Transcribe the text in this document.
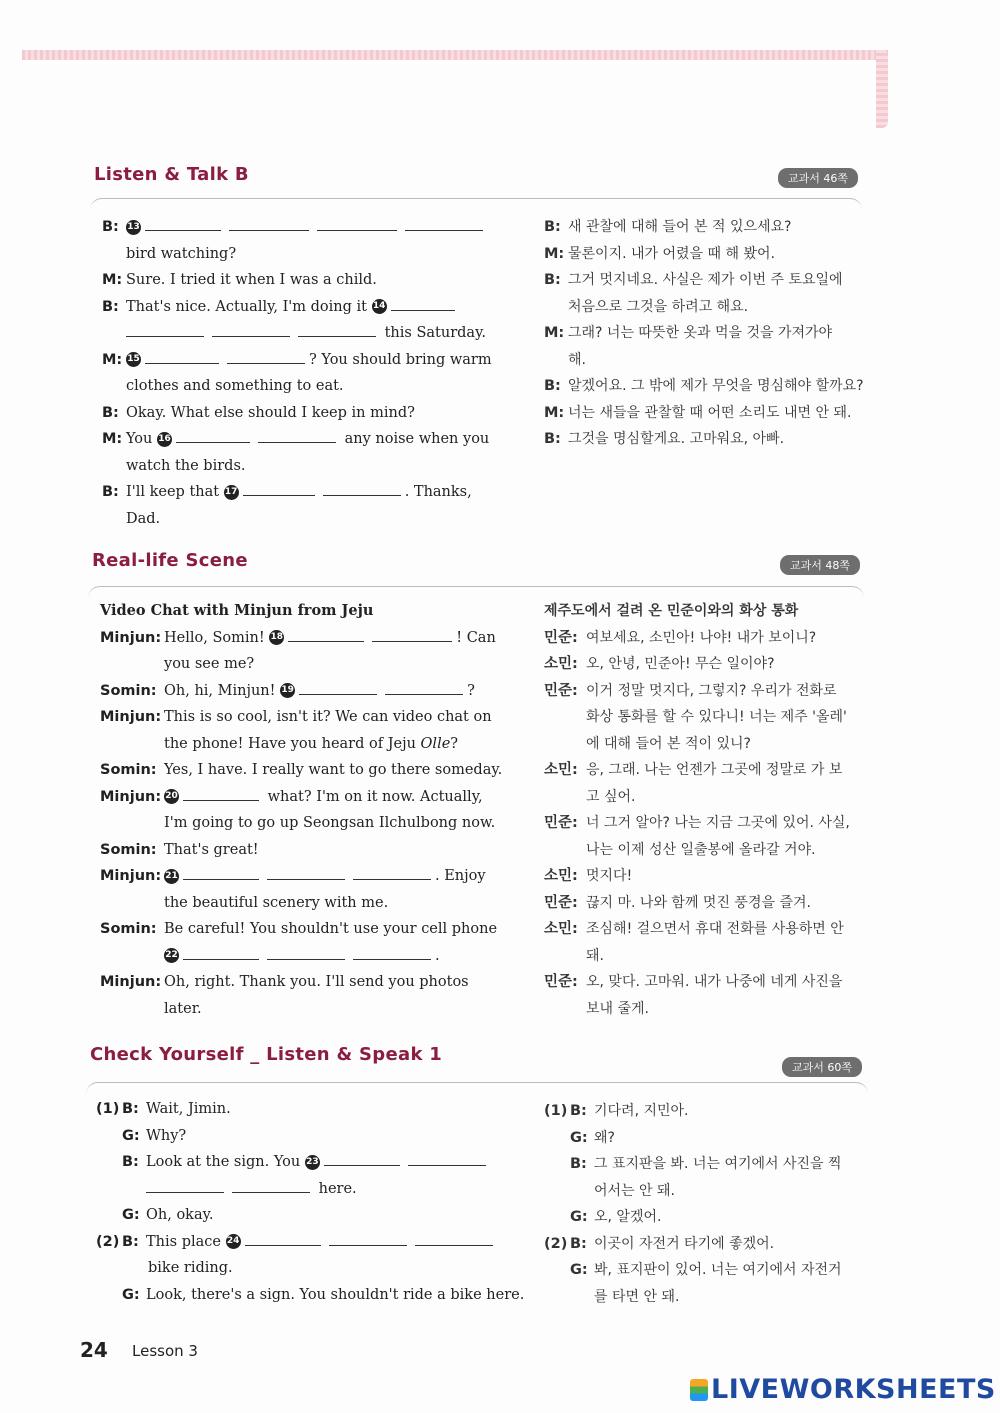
Listen & Talk B	교과서 46쪽
B: 13
bird watching?
M: Sure. I tried it when I was a child.
B: That's nice. Actually, I'm doing it 14
this Saturday.
M: 15	? You should bring warm
clothes and something to eat.
B: Okay. What else should I keep in mind?
M: You 16	any noise when you
watch the birds.
B: I'll keep that 17	. Thanks,
Dad.
B: 새 관찰에 대해 들어 본 적 있으세요?
M: 물론이지. 내가 어렸을 때 해 봤어.
B: 그거 멋지네요. 사실은 제가 이번 주 토요일에
처음으로 그것을 하려고 해요.
M: 그래? 너는 따뜻한 옷과 먹을 것을 가져가야
해.
B: 알겠어요. 그 밖에 제가 무엇을 명심해야 할까요?
M: 너는 새들을 관찰할 때 어떤 소리도 내면 안 돼.
B: 그것을 명심할게요. 고마워요, 아빠.
Real-life Scene	교과서 48쪽
Video Chat with Minjun from Jeju
Minjun: Hello, Somin! 18	! Can
you see me?
Somin: Oh, hi, Minjun! 19	?
Minjun: This is so cool, isn't it? We can video chat on
the phone! Have you heard of Jeju Olle?
Somin: Yes, I have. I really want to go there someday.
Minjun: 20	what? I'm on it now. Actually,
I'm going to go up Seongsan Ilchulbong now.
Somin: That's great!
Minjun: 21	. Enjoy
the beautiful scenery with me.
Somin: Be careful! You shouldn't use your cell phone
22	.
Minjun: Oh, right. Thank you. I'll send you photos
later.
제주도에서 걸려 온 민준이와의 화상 통화
민준: 여보세요, 소민아! 나야! 내가 보이니?
소민: 오, 안녕, 민준아! 무슨 일이야?
민준: 이거 정말 멋지다, 그렇지? 우리가 전화로
화상 통화를 할 수 있다니! 너는 제주 '올레'
에 대해 들어 본 적이 있니?
소민: 응, 그래. 나는 언젠가 그곳에 정말로 가 보
고 싶어.
민준: 너 그거 알아? 나는 지금 그곳에 있어. 사실,
나는 이제 성산 일출봉에 올라갈 거야.
소민: 멋지다!
민준: 끊지 마. 나와 함께 멋진 풍경을 즐겨.
소민: 조심해! 걸으면서 휴대 전화를 사용하면 안
돼.
민준: 오, 맞다. 고마워. 내가 나중에 네게 사진을
보내 줄게.
Check Yourself _ Listen & Speak 1
교과서 60쪽
(1) B: Wait, Jimin.
G: Why?
B: Look at the sign. You 23
here.
G: Oh, okay.
(2) B: This place 24
bike riding.
G: Look, there's a sign. You shouldn't ride a bike here.
(1) B: 기다려, 지민아.
G: 왜?
B: 그 표지판을 봐. 너는 여기에서 사진을 찍
어서는 안 돼.
G: 오, 알겠어.
(2) B: 이곳이 자전거 타기에 좋겠어.
G: 봐, 표지판이 있어. 너는 여기에서 자전거
를 타면 안 돼.
24 Lesson 3
LIVEWORKSHEETS
